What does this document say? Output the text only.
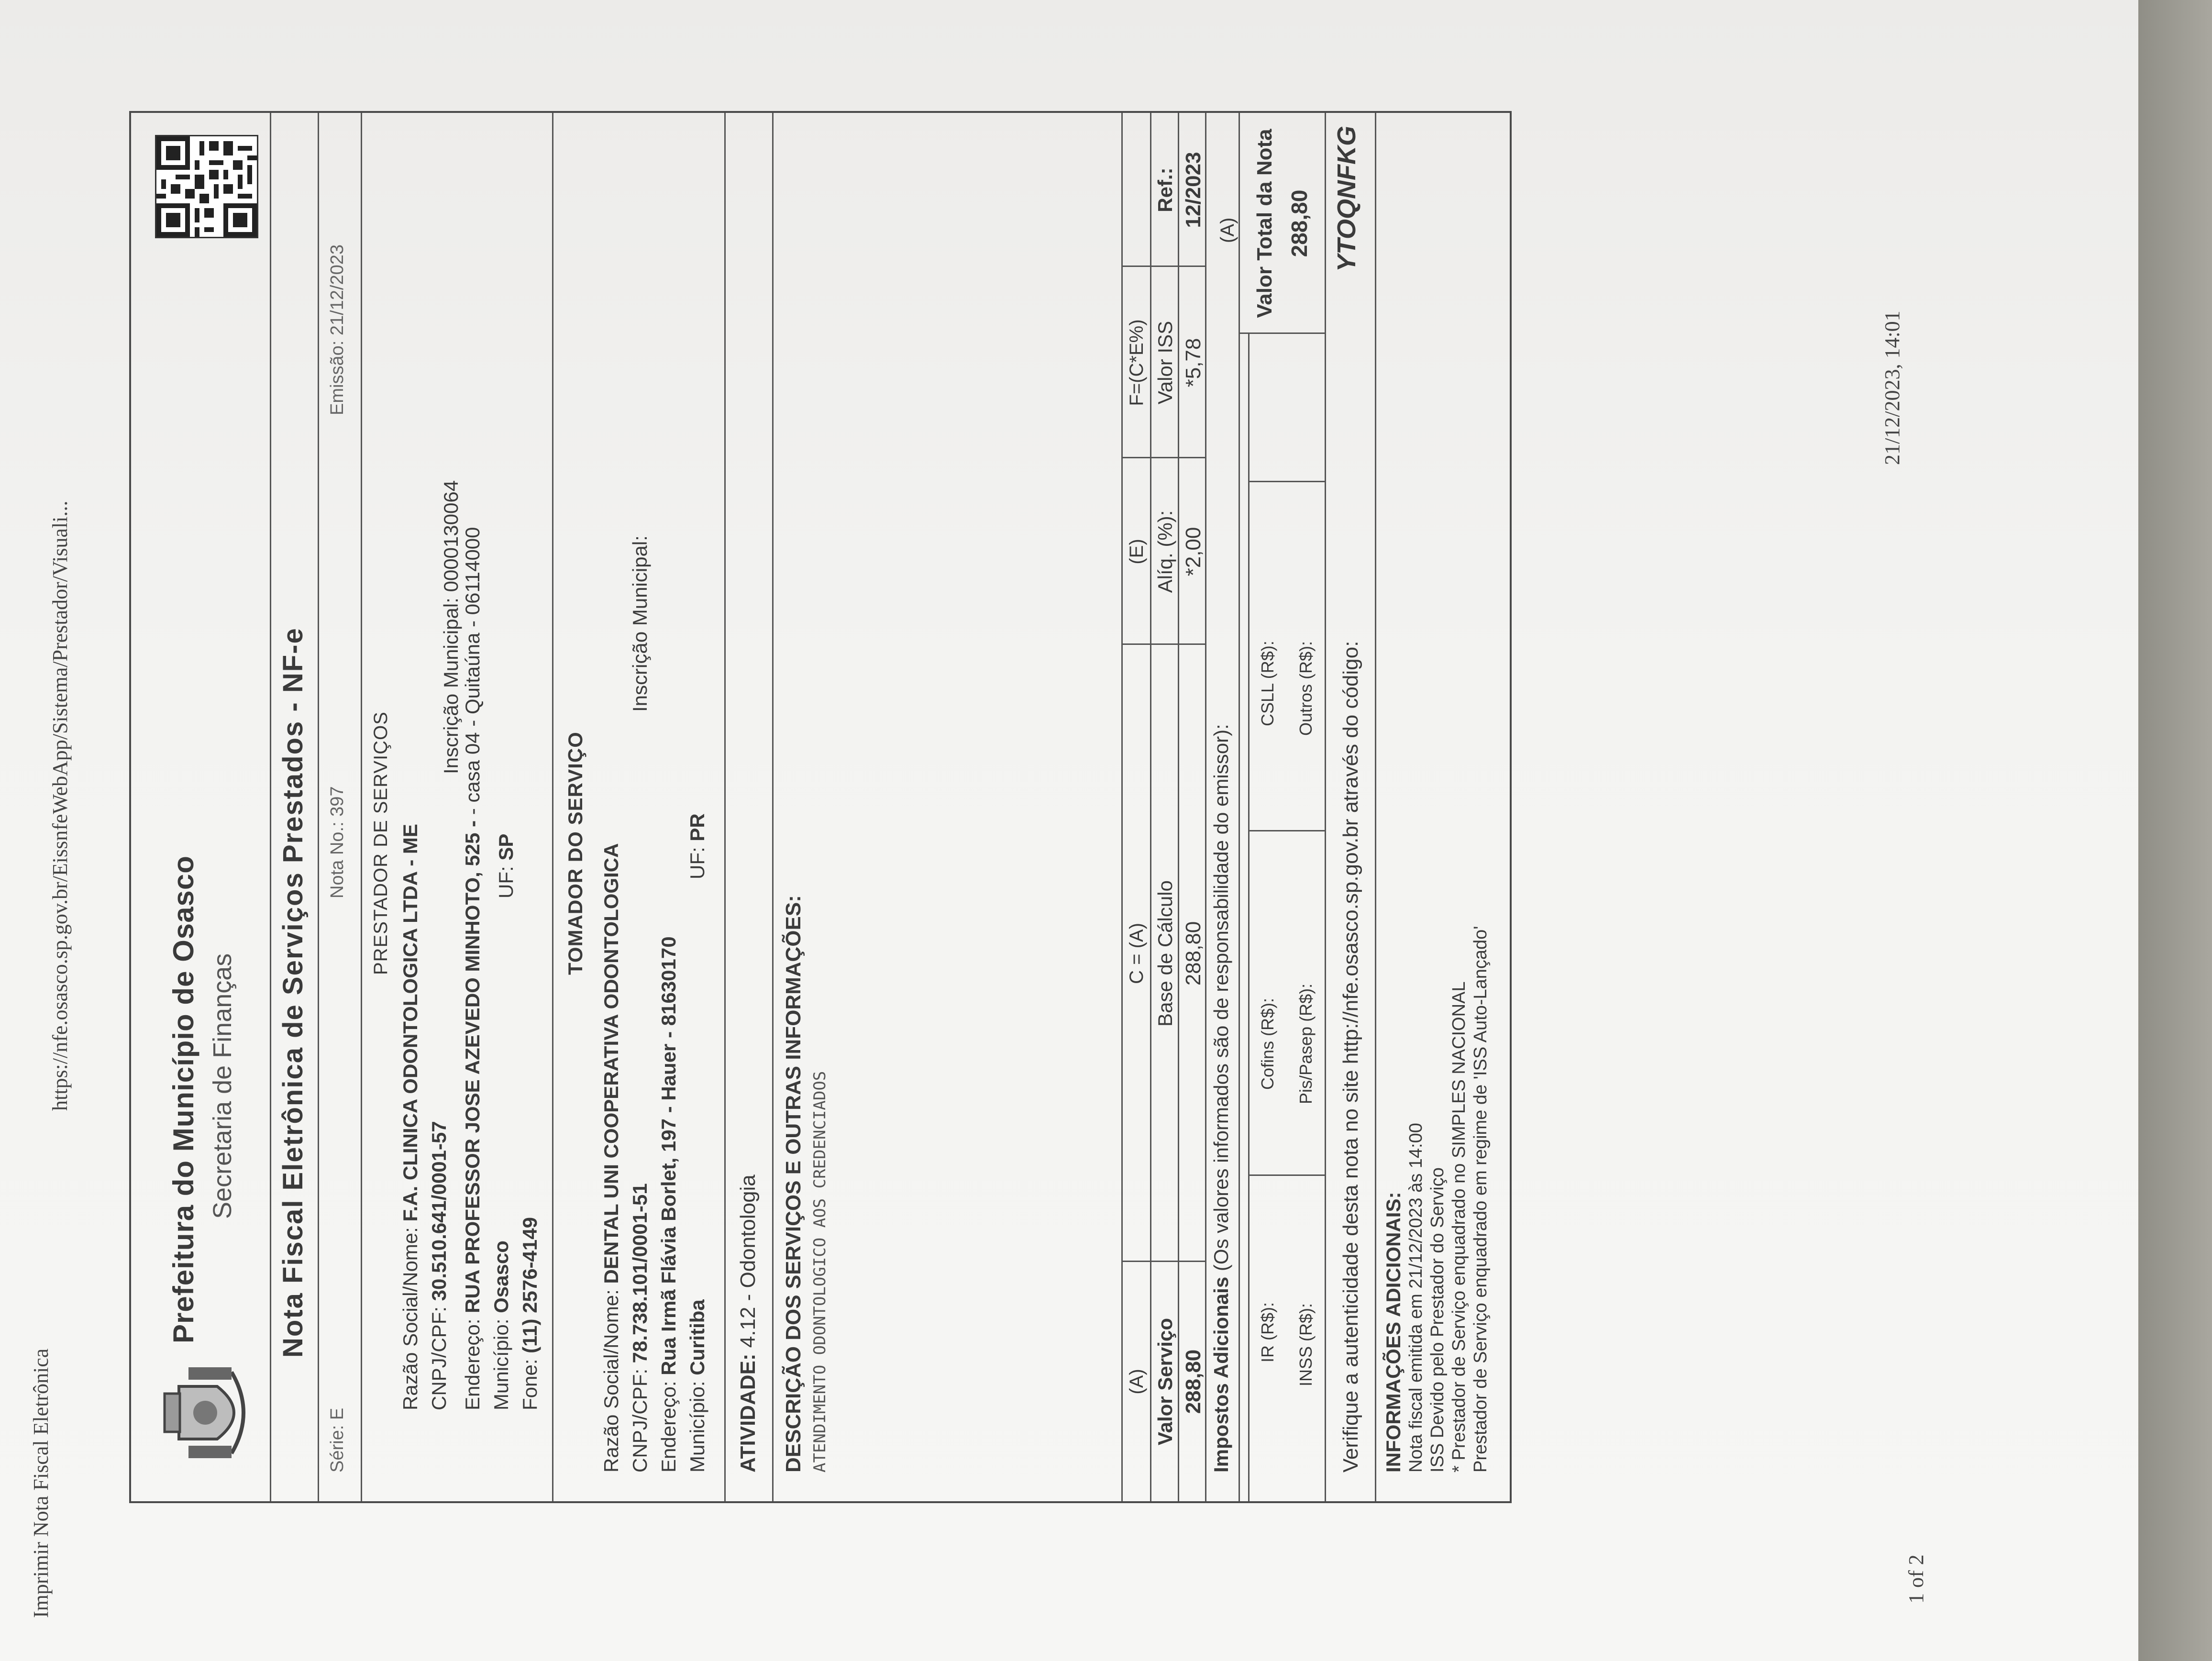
Imprimir Nota Fiscal Eletrônica
https://nfe.osasco.sp.gov.br/EissnfeWebApp/Sistema/Prestador/Visuali...
1 of 2
21/12/2023, 14:01
Prefeitura do Município de Osasco Secretaria de Finanças Nota Fiscal Eletrônica de Serviços Prestados - NF-e
Série: E
Nota No.: 397
Emissão: 21/12/2023
PRESTADOR DE SERVIÇOS
Razão Social/Nome: F.A. CLINICA ODONTOLOGICA LTDA - ME
CNPJ/CPF: 30.510.641/0001-57
Inscrição Municipal: 0000130064
Endereço: RUA PROFESSOR JOSE AZEVEDO MINHOTO, 525 - - casa 04 - Quitaúna - 06114000
Município: Osasco
UF: SP
Fone: (11) 2576-4149
TOMADOR DO SERVIÇO
Razão Social/Nome: DENTAL UNI COOPERATIVA ODONTOLOGICA
CNPJ/CPF: 78.738.101/0001-51
Inscrição Municipal:
Endereço: Rua Irmã Flávia Borlet, 197 - Hauer - 81630170
Município: Curitiba
UF: PR
ATIVIDADE: 4.12 - Odontologia DESCRIÇÃO DOS SERVIÇOS E OUTRAS INFORMAÇÕES: ATENDIMENTO ODONTOLOGICO AOS CREDENCIADOS	(A)
C = (A)
(E)
F=(C*E%)
Valor Serviço
Base de Cálculo
Alíq. (%):
Valor ISS
Ref.:
288,80
288,80
*2,00
*5,78
12/2023
Impostos Adicionais (Os valores informados são de responsabilidade do emissor):
(A)
IR (R$):
Cofins (R$):
CSLL (R$):
INSS (R$):
Pis/Pasep (R$):
Outros (R$):
Valor Total da Nota 288,80
Verifique a autenticidade desta nota no site http://nfe.osasco.sp.gov.br através do código:
YTOQNFKG
INFORMAÇÕES ADICIONAIS: Nota fiscal emitida em 21/12/2023 às 14:00 ISS Devido pelo Prestador do Serviço * Prestador de Serviço enquadrado no SIMPLES NACIONAL Prestador de Serviço enquadrado em regime de 'ISS Auto-Lançado'
